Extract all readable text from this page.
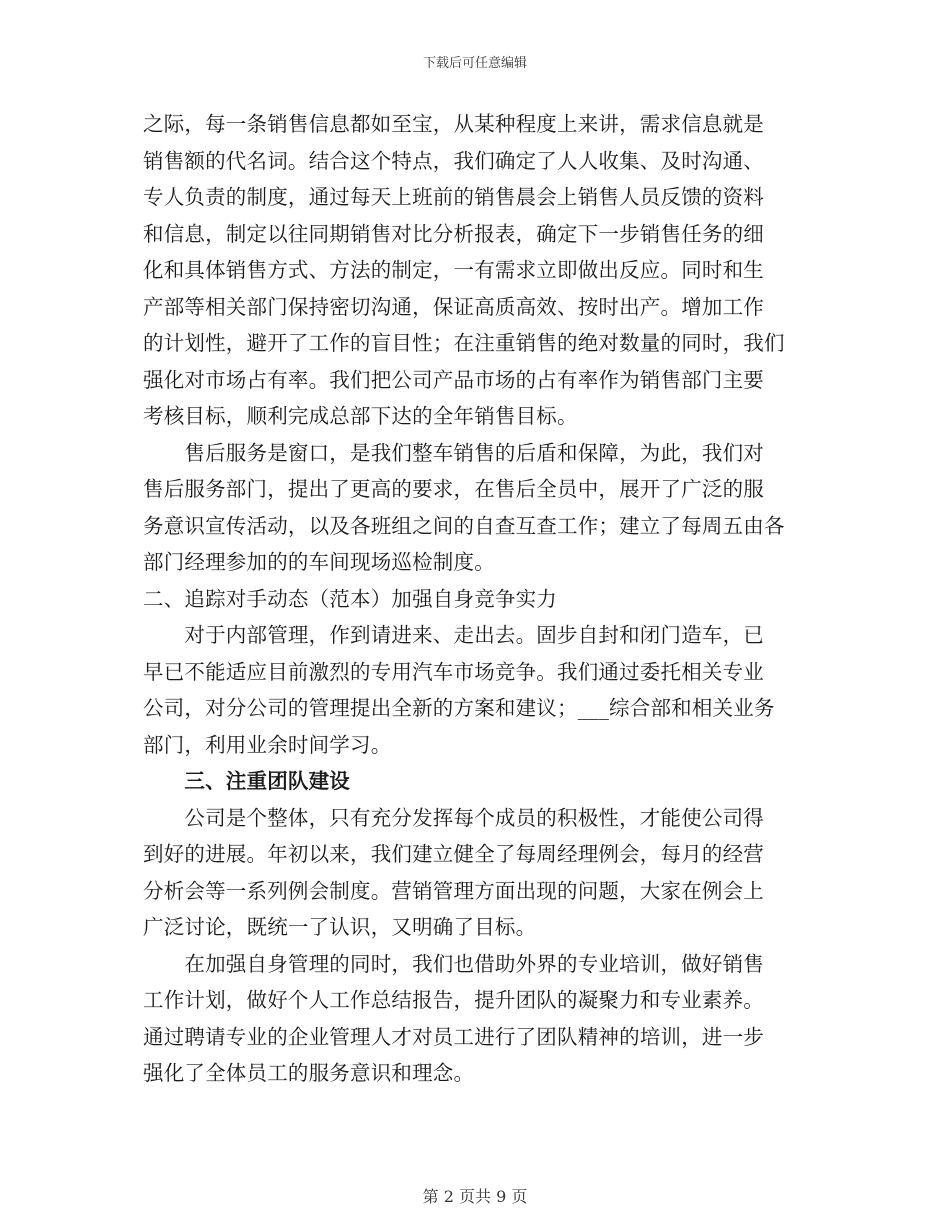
下载后可任意编辑

之际，每一条销售信息都如至宝，从某种程度上来讲，需求信息就是

销售额的代名词。结合这个特点，我们确定了人人收集、及时沟通、

专人负责的制度，通过每天上班前的销售晨会上销售人员反馈的资料

和信息，制定以往同期销售对比分析报表，确定下一步销售任务的细

化和具体销售方式、方法的制定，一有需求立即做出反应。同时和生

产部等相关部门保持密切沟通，保证高质高效、按时出产。增加工作

的计划性，避开了工作的盲目性；在注重销售的绝对数量的同时，我们

强化对市场占有率。我们把公司产品市场的占有率作为销售部门主要

考核目标，顺利完成总部下达的全年销售目标。

　　售后服务是窗口，是我们整车销售的后盾和保障，为此，我们对

售后服务部门，提出了更高的要求，在售后全员中，展开了广泛的服

务意识宣传活动，以及各班组之间的自查互查工作；建立了每周五由各

部门经理参加的的车间现场巡检制度。

二、追踪对手动态（范本）加强自身竞争实力

　　对于内部管理，作到请进来、走出去。固步自封和闭门造车，已

早已不能适应目前激烈的专用汽车市场竞争。我们通过委托相关专业

公司，对分公司的管理提出全新的方案和建议；___综合部和相关业务

部门，利用业余时间学习。

　　三、注重团队建设

　　公司是个整体，只有充分发挥每个成员的积极性，才能使公司得

到好的进展。年初以来，我们建立健全了每周经理例会，每月的经营

分析会等一系列例会制度。营销管理方面出现的问题，大家在例会上

广泛讨论，既统一了认识，又明确了目标。

　　在加强自身管理的同时，我们也借助外界的专业培训，做好销售

工作计划，做好个人工作总结报告，提升团队的凝聚力和专业素养。

通过聘请专业的企业管理人才对员工进行了团队精神的培训，进一步

强化了全体员工的服务意识和理念。

第 2 页共 9 页
